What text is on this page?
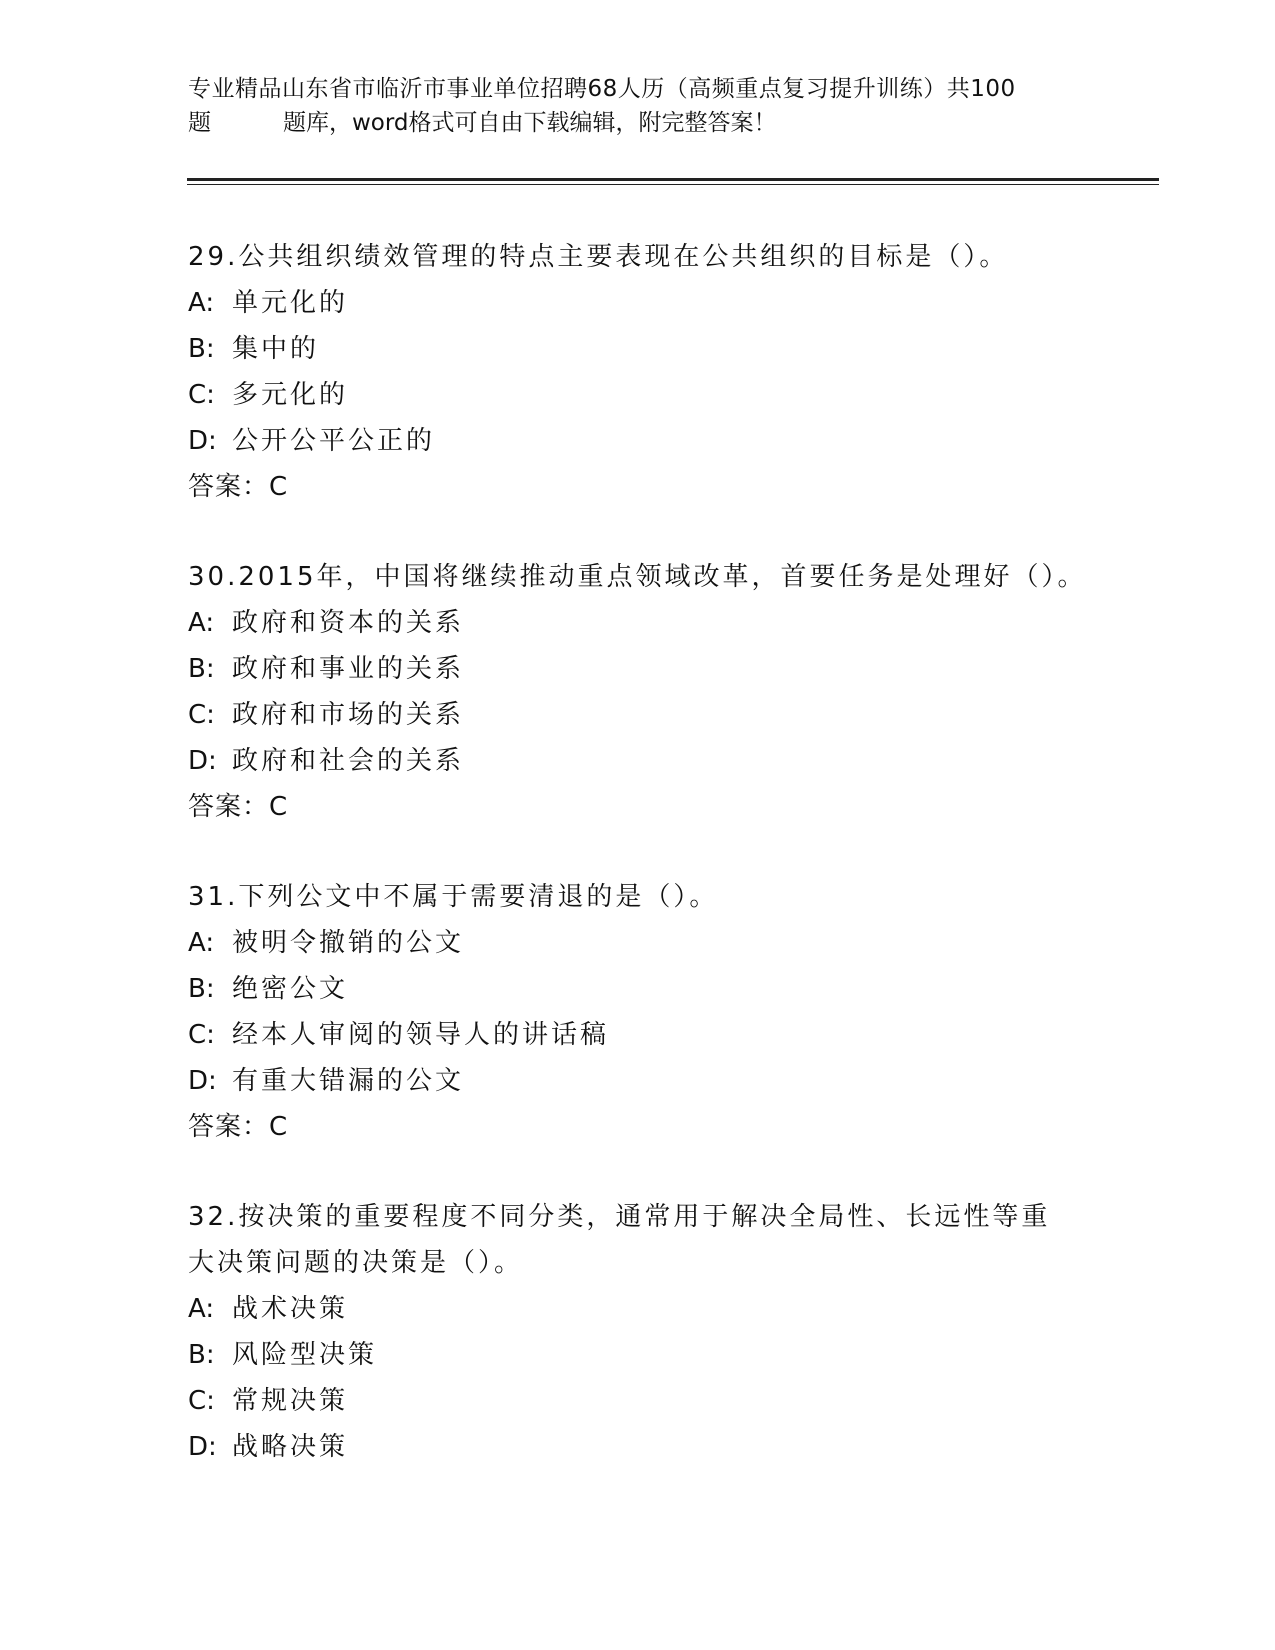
专业精品山东省市临沂市事业单位招聘68人历（高频重点复习提升训练）共100
题	题库，word格式可自由下载编辑，附完整答案！
29.公共组织绩效管理的特点主要表现在公共组织的目标是（）。
A: 单元化的
B: 集中的
C: 多元化的
D: 公开公平公正的
答案：C
30.2015年，中国将继续推动重点领域改革，首要任务是处理好（）。
A: 政府和资本的关系
B: 政府和事业的关系
C: 政府和市场的关系
D: 政府和社会的关系
答案：C
31.下列公文中不属于需要清退的是（）。
A: 被明令撤销的公文
B: 绝密公文
C: 经本人审阅的领导人的讲话稿
D: 有重大错漏的公文
答案：C
32.按决策的重要程度不同分类，通常用于解决全局性、长远性等重大决策问题的决策是（）。
A: 战术决策
B: 风险型决策
C: 常规决策
D: 战略决策
